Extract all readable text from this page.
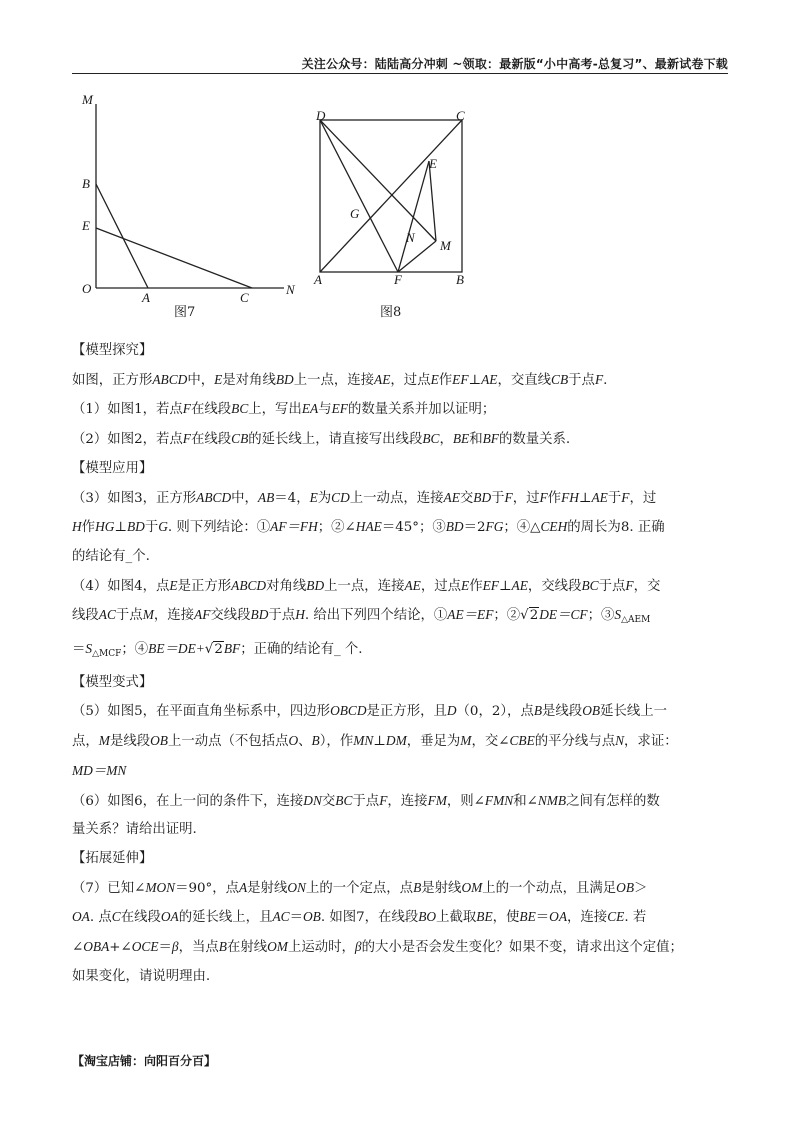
关注公众号：陆陆高分冲刺 ~领取：最新版“小中高考-总复习”、最新试卷下载
M
B
E
O
A	C
N
图7
D	C
E
G
N
M
A	F	B
图8

【模型探究】

如图，正方形ABCD中，E是对角线BD上一点，连接AE，过点E作EF⊥AE，交直线CB于点F.

（1）如图1，若点F在线段BC上，写出EA与EF的数量关系并加以证明；

（2）如图2，若点F在线段CB的延长线上，请直接写出线段BC，BE和BF的数量关系.

【模型应用】

（3）如图3，正方形ABCD中，AB＝4，E为CD上一动点，连接AE交BD于F，过F作FH⊥AE于F，过

H作HG⊥BD于G. 则下列结论：①AF＝FH；②∠HAE＝45°；③BD＝2FG；④△CEH的周长为8. 正确

的结论有_个.

（4）如图4，点E是正方形ABCD对角线BD上一点，连接AE，过点E作EF⊥AE，交线段BC于点F，交

线段AC于点M，连接AF交线段BD于点H. 给出下列四个结论，①AE＝EF；②√2DE＝CF；$③S_{\triangle AEM}$

$=S_{\triangle MCF}$；④BE＝DE+√2BF；正确的结论有_ 个.

【模型变式】

（5）如图5，在平面直角坐标系中，四边形OBCD是正方形，且D（0，2），点B是线段OB延长线上一

点，M是线段OB上一动点（不包括点O、B），作MN⊥DM，垂足为M，交∠CBE的平分线与点N，求证：

MD＝MN

（6）如图6，在上一问的条件下，连接DN交BC于点F，连接FM，则∠FMN和∠NMB之间有怎样的数

量关系？请给出证明.

【拓展延伸】

（7）已知∠MON＝90°，点A是射线ON上的一个定点，点B是射线OM上的一个动点，且满足OB＞

OA. 点C在线段OA的延长线上，且AC＝OB. 如图7，在线段BO上截取BE，使BE＝OA，连接CE. 若

∠OBA+∠OCE＝β，当点B在射线OM上运动时，β的大小是否会发生变化？如果不变，请求出这个定值；

如果变化，请说明理由.

【淘宝店铺：向阳百分百】
